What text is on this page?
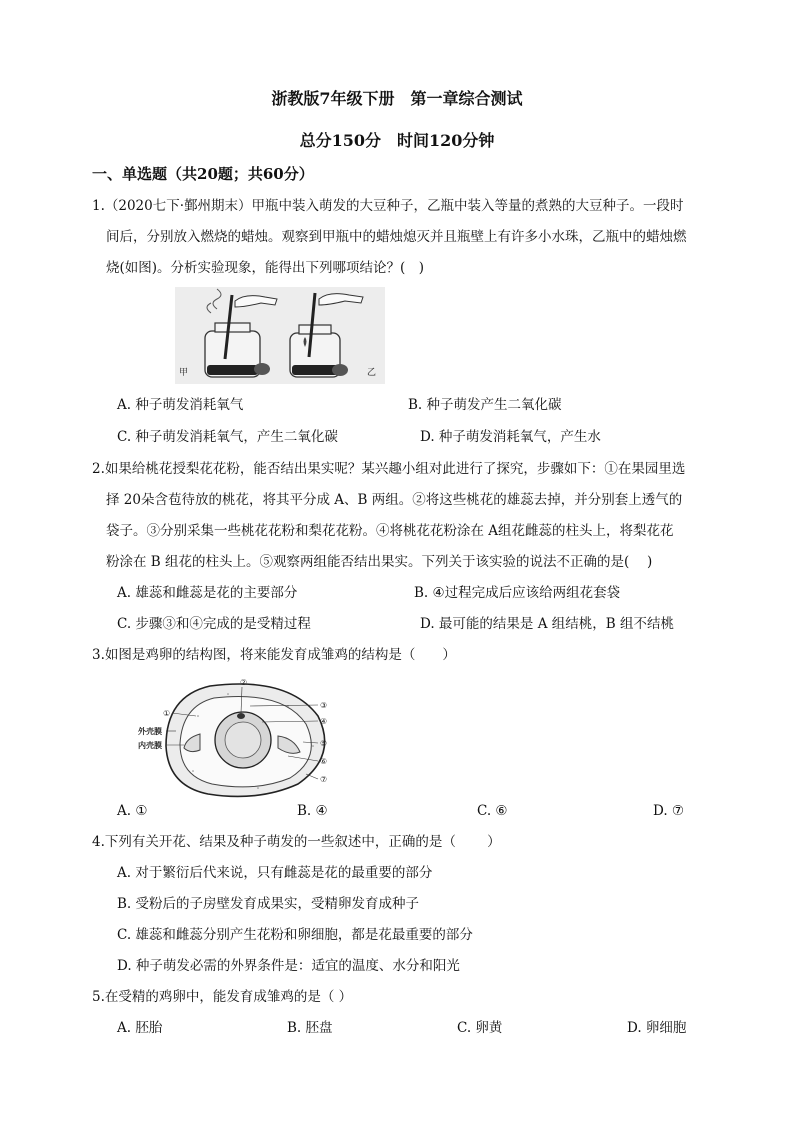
浙教版7年级下册　第一章综合测试
总分150分　时间120分钟
一、单选题（共20题；共60分）
1.（2020七下·鄞州期末）甲瓶中装入萌发的大豆种子，乙瓶中装入等量的煮熟的大豆种子。一段时
间后，分别放入燃烧的蜡烛。观察到甲瓶中的蜡烛熄灭并且瓶壁上有许多小水珠，乙瓶中的蜡烛燃
烧(如图)。分析实验现象，能得出下列哪项结论？(　)
甲	乙
A. 种子萌发消耗氧气	B. 种子萌发产生二氧化碳
C. 种子萌发消耗氧气，产生二氧化碳	D. 种子萌发消耗氧气，产生水
2.如果给桃花授梨花花粉，能否结出果实呢？某兴趣小组对此进行了探究，步骤如下：①在果园里选
择 20朵含苞待放的桃花，将其平分成 A、B 两组。②将这些桃花的雄蕊去掉，并分别套上透气的
袋子。③分别采集一些桃花花粉和梨花花粉。④将桃花花粉涂在 A组花雌蕊的柱头上，将梨花花
粉涂在 B 组花的柱头上。⑤观察两组能否结出果实。下列关于该实验的说法不正确的是(　 )
A. 雄蕊和雌蕊是花的主要部分	B. ④过程完成后应该给两组花套袋
C. 步骤③和④完成的是受精过程	D. 最可能的结果是 A 组结桃，B 组不结桃
3.如图是鸡卵的结构图，将来能发育成雏鸡的结构是（　　）
①
②
③
④
⑤
⑥
⑦
外壳膜
内壳膜
A. ①	B. ④	C. ⑥	D. ⑦
4.下列有关开花、结果及种子萌发的一些叙述中，正确的是（　　 ）
A. 对于繁衍后代来说，只有雌蕊是花的最重要的部分
B. 受粉后的子房壁发育成果实，受精卵发育成种子
C. 雄蕊和雌蕊分别产生花粉和卵细胞，都是花最重要的部分
D. 种子萌发必需的外界条件是：适宜的温度、水分和阳光
5.在受精的鸡卵中，能发育成雏鸡的是（ ）
A. 胚胎	B. 胚盘	C. 卵黄	D. 卵细胞
